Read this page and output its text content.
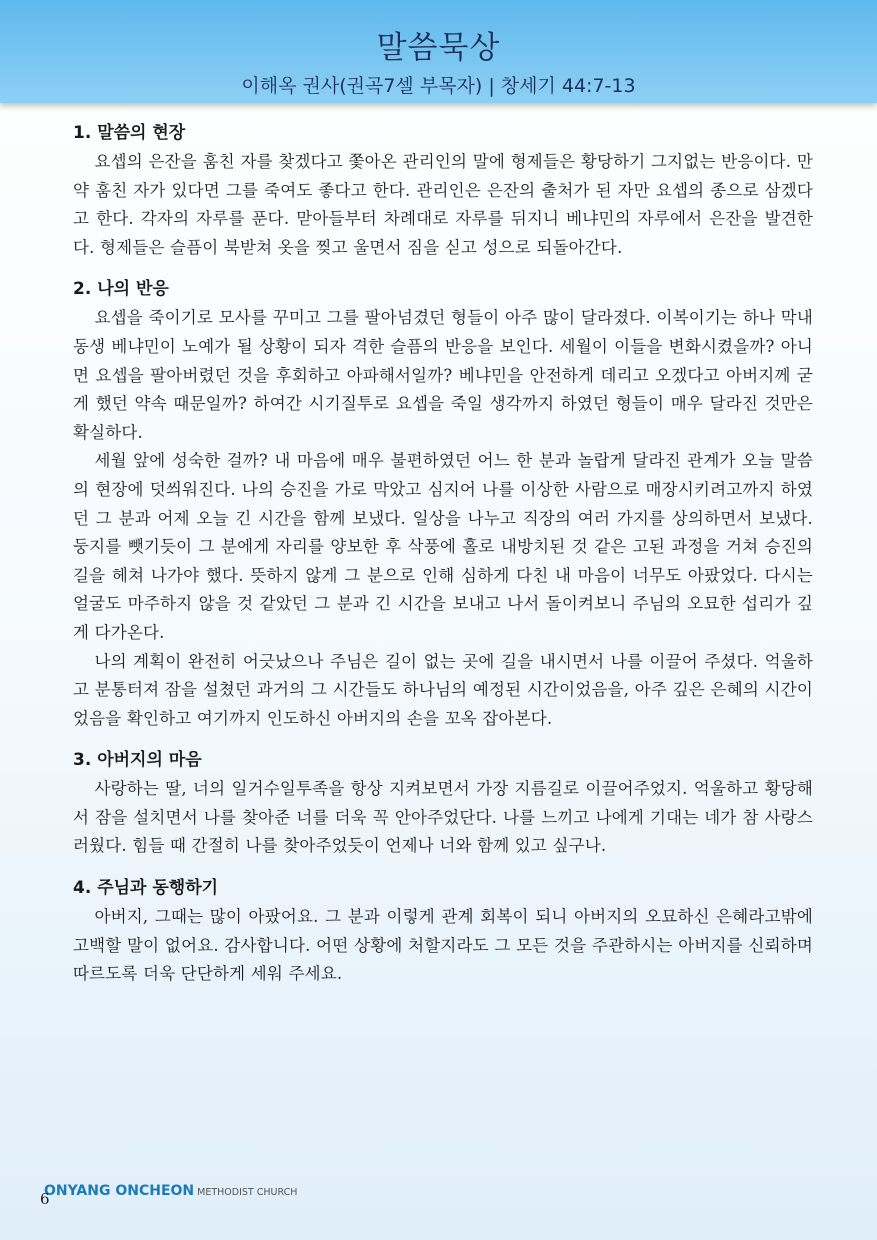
말씀묵상
이해옥 권사(권곡7셀 부목자) | 창세기 44:7-13
1. 말씀의 현장

요셉의 은잔을 훔친 자를 찾겠다고 쫓아온 관리인의 말에 형제들은 황당하기 그지없는 반응이다. 만약 훔친 자가 있다면 그를 죽여도 좋다고 한다. 관리인은 은잔의 출처가 된 자만 요셉의 종으로 삼겠다고 한다. 각자의 자루를 푼다. 맏아들부터 차례대로 자루를 뒤지니 베냐민의 자루에서 은잔을 발견한다. 형제들은 슬픔이 북받쳐 옷을 찢고 울면서 짐을 싣고 성으로 되돌아간다.

2. 나의 반응

요셉을 죽이기로 모사를 꾸미고 그를 팔아넘겼던 형들이 아주 많이 달라졌다. 이복이기는 하나 막내 동생 베냐민이 노예가 될 상황이 되자 격한 슬픔의 반응을 보인다. 세월이 이들을 변화시켰을까? 아니면 요셉을 팔아버렸던 것을 후회하고 아파해서일까? 베냐민을 안전하게 데리고 오겠다고 아버지께 굳게 했던 약속 때문일까? 하여간 시기질투로 요셉을 죽일 생각까지 하였던 형들이 매우 달라진 것만은 확실하다.

세월 앞에 성숙한 걸까? 내 마음에 매우 불편하였던 어느 한 분과 놀랍게 달라진 관계가 오늘 말씀의 현장에 덧씌워진다. 나의 승진을 가로 막았고 심지어 나를 이상한 사람으로 매장시키려고까지 하였던 그 분과 어제 오늘 긴 시간을 함께 보냈다. 일상을 나누고 직장의 여러 가지를 상의하면서 보냈다. 둥지를 뺏기듯이 그 분에게 자리를 양보한 후 삭풍에 홀로 내방치된 것 같은 고된 과정을 거쳐 승진의 길을 헤쳐 나가야 했다. 뜻하지 않게 그 분으로 인해 심하게 다친 내 마음이 너무도 아팠었다. 다시는 얼굴도 마주하지 않을 것 같았던 그 분과 긴 시간을 보내고 나서 돌이켜보니 주님의 오묘한 섭리가 깊게 다가온다.

나의 계획이 완전히 어긋났으나 주님은 길이 없는 곳에 길을 내시면서 나를 이끌어 주셨다. 억울하고 분통터져 잠을 설쳤던 과거의 그 시간들도 하나님의 예정된 시간이었음을, 아주 깊은 은혜의 시간이었음을 확인하고 여기까지 인도하신 아버지의 손을 꼬옥 잡아본다.

3. 아버지의 마음

사랑하는 딸, 너의 일거수일투족을 항상 지켜보면서 가장 지름길로 이끌어주었지. 억울하고 황당해서 잠을 설치면서 나를 찾아준 너를 더욱 꼭 안아주었단다. 나를 느끼고 나에게 기대는 네가 참 사랑스러웠다. 힘들 때 간절히 나를 찾아주었듯이 언제나 너와 함께 있고 싶구나.

4. 주님과 동행하기

아버지, 그때는 많이 아팠어요. 그 분과 이렇게 관계 회복이 되니 아버지의 오묘하신 은혜라고밖에 고백할 말이 없어요. 감사합니다. 어떤 상황에 처할지라도 그 모든 것을 주관하시는 아버지를 신뢰하며 따르도록 더욱 단단하게 세워 주세요.

ONYANG ONCHEON METHODIST CHURCH
6
